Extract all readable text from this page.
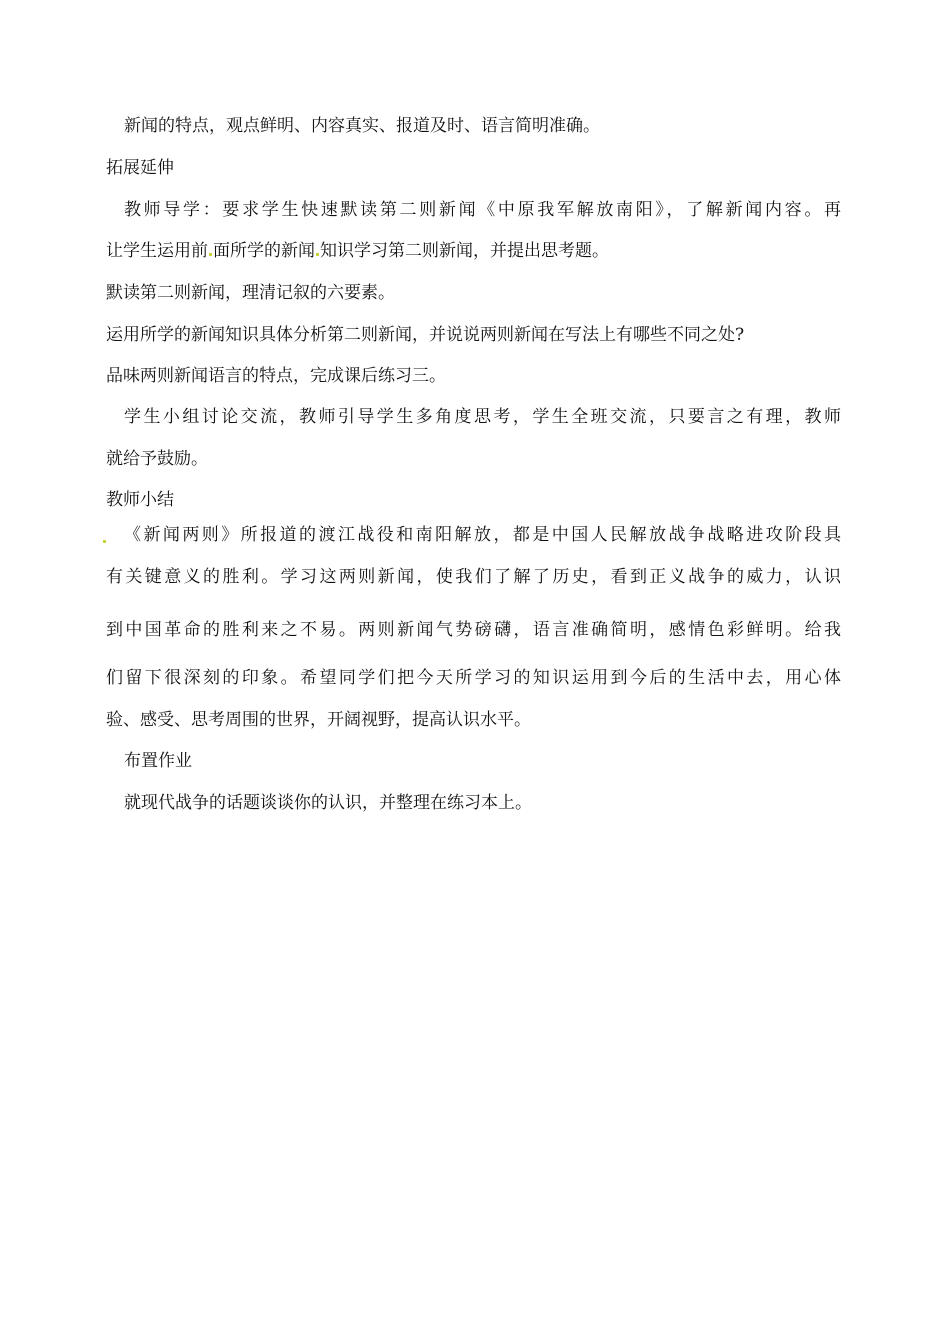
新闻的特点，观点鲜明、内容真实、报道及时、语言简明准确。
拓展延伸
教师导学：要求学生快速默读第二则新闻《中原我军解放南阳》，了解新闻内容。再
让学生运用前 面所学的新闻 知识学习第二则新闻，并提出思考题。
默读第二则新闻，理清记叙的六要素。
运用所学的新闻知识具体分析第二则新闻，并说说两则新闻在写法上有哪些不同之处?
品味两则新闻语言的特点，完成课后练习三。
学生小组讨论交流，教师引导学生多角度思考，学生全班交流，只要言之有理，教师
就给予鼓励。
教师小结
《新闻两则》所报道的渡江战役和南阳解放，都是中国人民解放战争战略进攻阶段具
有关键意义的胜利。学习这两则新闻，使我们了解了历史，看到正义战争的威力，认识
到中国革命的胜利来之不易。两则新闻气势磅礴，语言准确简明，感情色彩鲜明。给我
们留下很深刻的印象。希望同学们把今天所学习的知识运用到今后的生活中去，用心体
验、感受、思考周围的世界，开阔视野，提高认识水平。
布置作业
就现代战争的话题谈谈你的认识，并整理在练习本上。
